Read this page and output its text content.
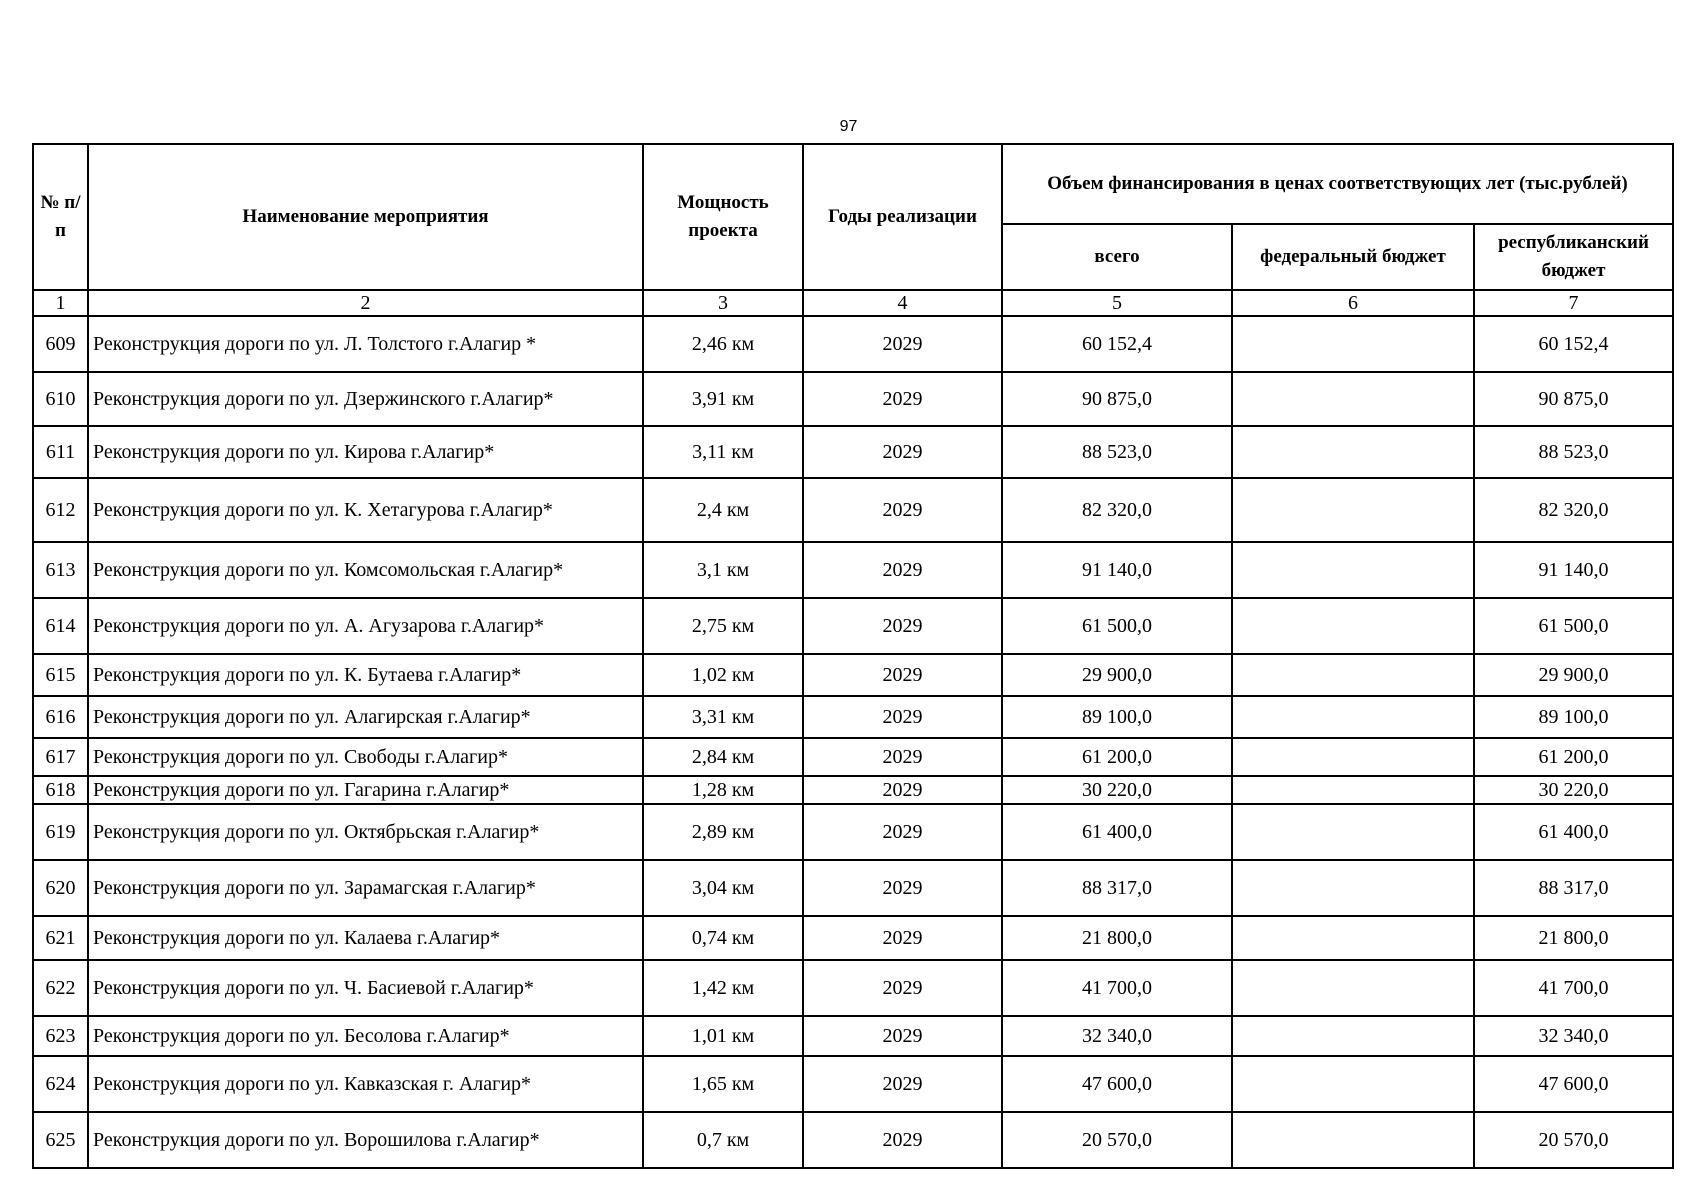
97
№ п/п	Наименование мероприятия	Мощность проекта	Годы реализации	Объем финансирования в ценах соответствующих лет (тыс.рублей)		
				всего	федеральный бюджет	республиканский бюджет
1	2	3	4	5	6	7
609	Реконструкция дороги по ул. Л. Толстого г.Алагир *	2,46 км	2029	60 152,4		60 152,4
610	Реконструкция дороги по ул. Дзержинского г.Алагир*	3,91 км	2029	90 875,0		90 875,0
611	Реконструкция дороги по ул. Кирова г.Алагир*	3,11 км	2029	88 523,0		88 523,0
612	Реконструкция дороги по ул. К. Хетагурова г.Алагир*	2,4 км	2029	82 320,0		82 320,0
613	Реконструкция дороги по ул. Комсомольская г.Алагир*	3,1 км	2029	91 140,0		91 140,0
614	Реконструкция дороги по ул. А. Агузарова г.Алагир*	2,75 км	2029	61 500,0		61 500,0
615	Реконструкция дороги по ул. К. Бутаева г.Алагир*	1,02 км	2029	29 900,0		29 900,0
616	Реконструкция дороги по ул. Алагирская г.Алагир*	3,31 км	2029	89 100,0		89 100,0
617	Реконструкция дороги по ул. Свободы г.Алагир*	2,84 км	2029	61 200,0		61 200,0
618	Реконструкция дороги по ул. Гагарина г.Алагир*	1,28 км	2029	30 220,0		30 220,0
619	Реконструкция дороги по ул. Октябрьская г.Алагир*	2,89 км	2029	61 400,0		61 400,0
620	Реконструкция дороги по ул. Зарамагская г.Алагир*	3,04 км	2029	88 317,0		88 317,0
621	Реконструкция дороги по ул. Калаева г.Алагир*	0,74 км	2029	21 800,0		21 800,0
622	Реконструкция дороги по ул. Ч. Басиевой г.Алагир*	1,42 км	2029	41 700,0		41 700,0
623	Реконструкция дороги по ул. Бесолова г.Алагир*	1,01 км	2029	32 340,0		32 340,0
624	Реконструкция дороги по ул. Кавказская г. Алагир*	1,65 км	2029	47 600,0		47 600,0
625	Реконструкция дороги по ул. Ворошилова г.Алагир*	0,7 км	2029	20 570,0		20 570,0
